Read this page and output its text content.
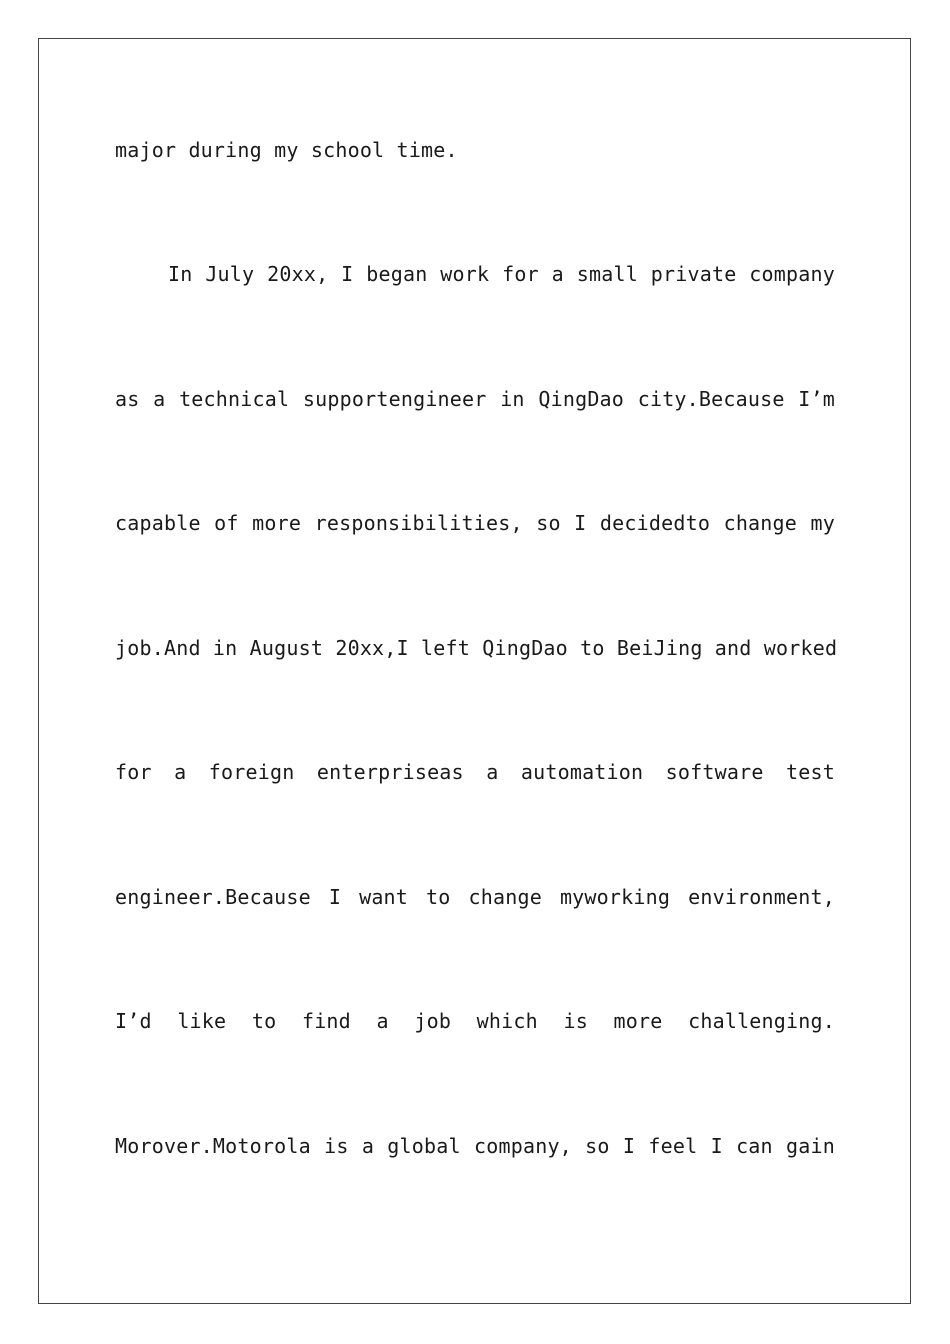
major during my school time.
In July 20xx, I began work for a small private company
as a technical supportengineer in QingDao city.Because I’m
capable of more responsibilities, so I decidedto change my
job.And in August 20xx,I left QingDao to BeiJing and worked
for a foreign enterpriseas a automation software test
engineer.Because I want to change myworking environment,
I’d like to find a job which is more challenging.
Morover.Motorola is a global company, so I feel I can gain
